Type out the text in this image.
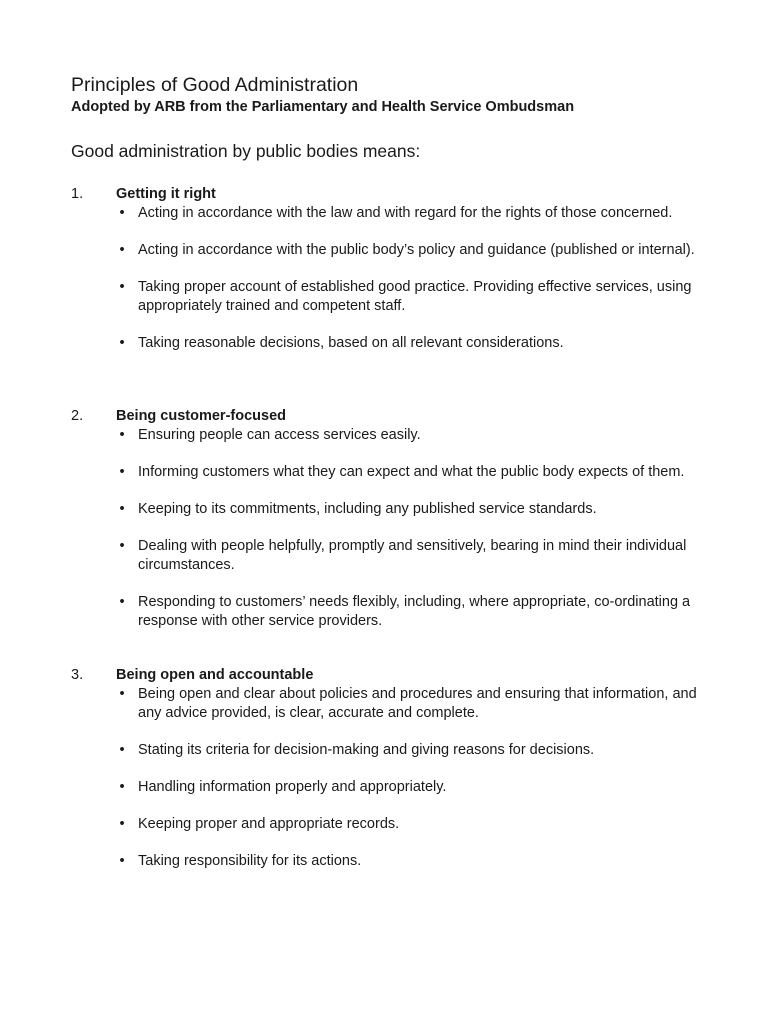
Principles of Good Administration
Adopted by ARB from the Parliamentary and Health Service Ombudsman
Good administration by public bodies means:
1. Getting it right
• Acting in accordance with the law and with regard for the rights of those concerned.
• Acting in accordance with the public body’s policy and guidance (published or internal).
• Taking proper account of established good practice. Providing effective services, using appropriately trained and competent staff.
• Taking reasonable decisions, based on all relevant considerations.
2. Being customer-focused
• Ensuring people can access services easily.
• Informing customers what they can expect and what the public body expects of them.
• Keeping to its commitments, including any published service standards.
• Dealing with people helpfully, promptly and sensitively, bearing in mind their individual circumstances.
• Responding to customers’ needs flexibly, including, where appropriate, co-ordinating a response with other service providers.
3. Being open and accountable
• Being open and clear about policies and procedures and ensuring that information, and any advice provided, is clear, accurate and complete.
• Stating its criteria for decision-making and giving reasons for decisions.
• Handling information properly and appropriately.
• Keeping proper and appropriate records.
• Taking responsibility for its actions.
